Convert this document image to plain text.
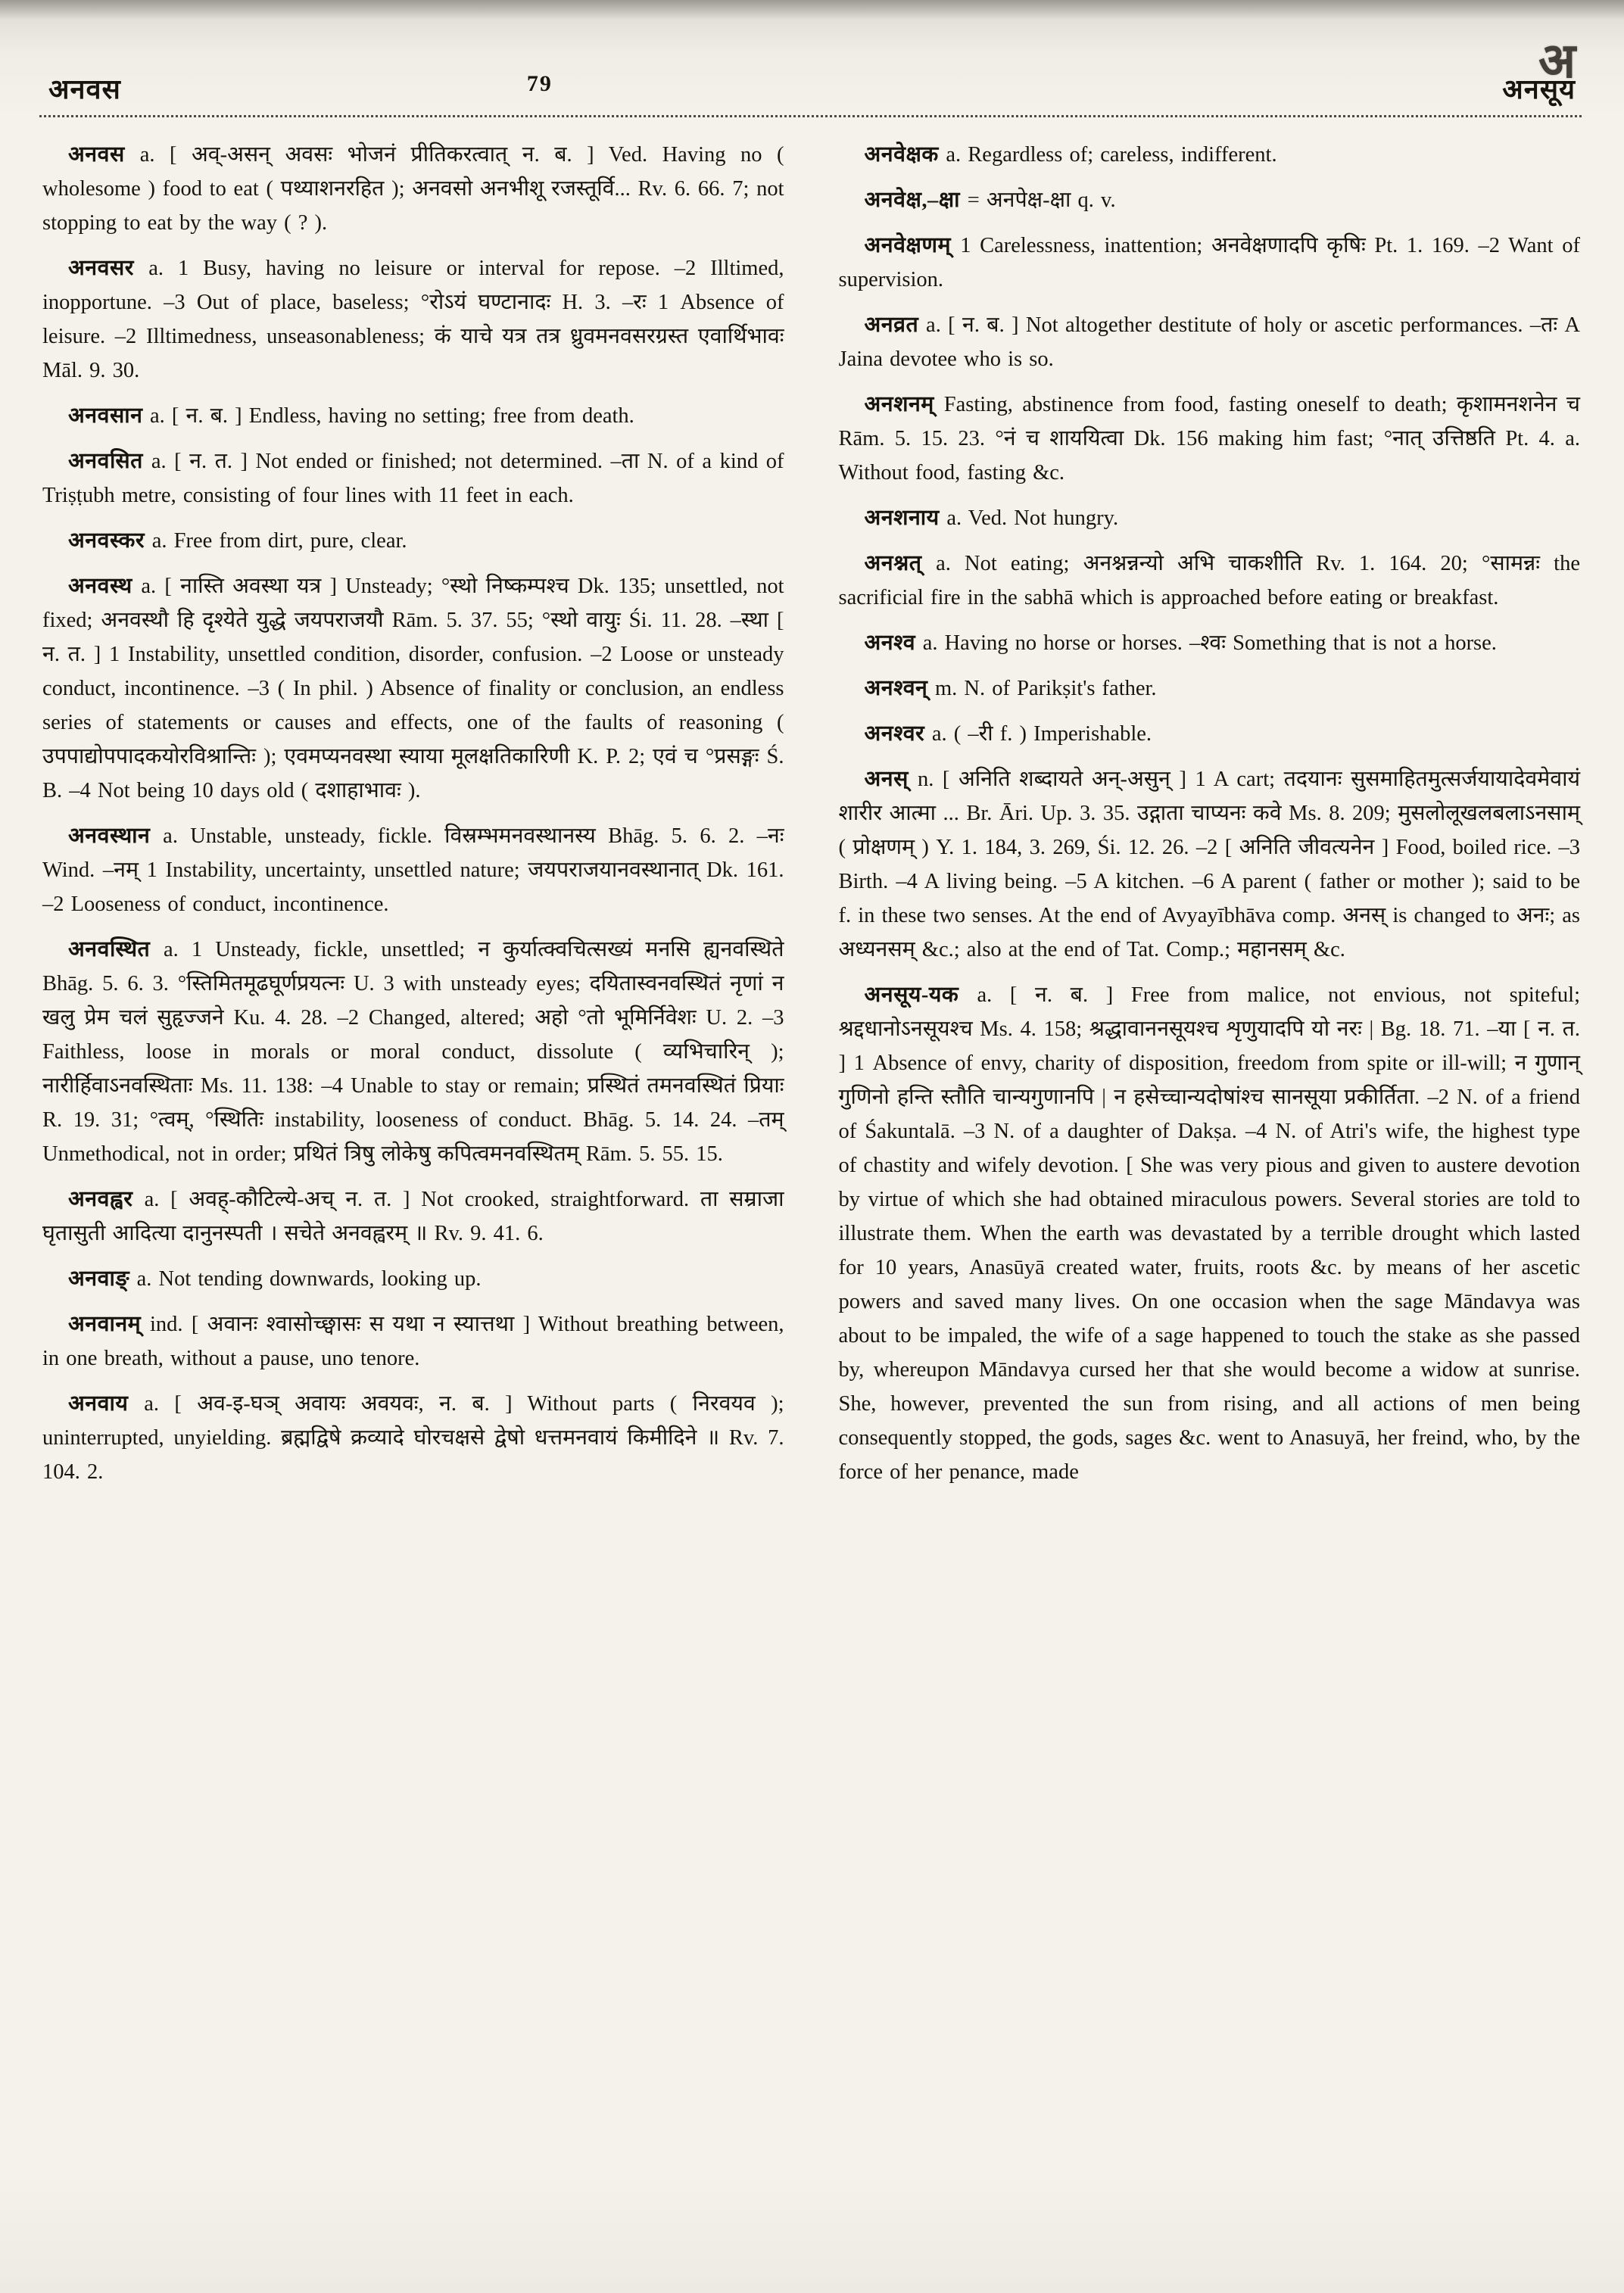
अ
अनवस	79	अनसूय

अनवस a. [ अव्-असन् अवसः भोजनं प्रीतिकरत्वात् न. ब. ] Ved. Having no ( wholesome ) food to eat ( पथ्याशनरहित ); अनवसो अनभीशू रजस्तूर्वि... Rv. 6. 66. 7; not stopping to eat by the way ( ? ).

अनवसर a. 1 Busy, having no leisure or interval for repose. –2 Illtimed, inopportune. –3 Out of place, baseless; °रोऽयं घण्टानादः H. 3. –रः 1 Absence of leisure. –2 Illtimedness, unseasonableness; कं याचे यत्र तत्र ध्रुवमनवसरग्रस्त एवार्थिभावः Māl. 9. 30.

अनवसान a. [ न. ब. ] Endless, having no setting; free from death.

अनवसित a. [ न. त. ] Not ended or finished; not determined. –ता N. of a kind of Triṣṭubh metre, consisting of four lines with 11 feet in each.

अनवस्कर a. Free from dirt, pure, clear.

अनवस्थ a. [ नास्ति अवस्था यत्र ] Unsteady; °स्थो निष्कम्पश्च Dk. 135; unsettled, not fixed; अनवस्थौ हि दृश्येते युद्धे जयपराजयौ Rām. 5. 37. 55; °स्थो वायुः Śi. 11. 28. –स्था [ न. त. ] 1 Instability, unsettled condition, disorder, confusion. –2 Loose or unsteady conduct, incontinence. –3 ( In phil. ) Absence of finality or conclusion, an endless series of statements or causes and effects, one of the faults of reasoning ( उपपाद्योपपादकयोरविश्रान्तिः ); एवमप्यनवस्था स्याया मूलक्षतिकारिणी K. P. 2; एवं च °प्रसङ्गः Ś. B. –4 Not being 10 days old ( दशाहाभावः ).

अनवस्थान a. Unstable, unsteady, fickle. विस्रम्भमनवस्थानस्य Bhāg. 5. 6. 2. –नः Wind. –नम् 1 Instability, uncertainty, unsettled nature; जयपराजयानवस्थानात् Dk. 161. –2 Looseness of conduct, incontinence.

अनवस्थित a. 1 Unsteady, fickle, unsettled; न कुर्यात्क्वचित्सख्यं मनसि ह्यनवस्थिते Bhāg. 5. 6. 3. °स्तिमितमूढघूर्णप्रयत्नः U. 3 with unsteady eyes; दयितास्वनवस्थितं नृणां न खलु प्रेम चलं सुहृज्जने Ku. 4. 28. –2 Changed, altered; अहो °तो भूमिर्निवेशः U. 2. –3 Faithless, loose in morals or moral conduct, dissolute ( व्यभिचारिन् ); नारीर्हिवाऽनवस्थिताः Ms. 11. 138: –4 Unable to stay or remain; प्रस्थितं तमनवस्थितं प्रियाः R. 19. 31; °त्वम्, °स्थितिः instability, looseness of conduct. Bhāg. 5. 14. 24. –तम् Unmethodical, not in order; प्रथितं त्रिषु लोकेषु कपित्वमनवस्थितम् Rām. 5. 55. 15.

अनवह्वर a. [ अवह्-कौटिल्ये-अच् न. त. ] Not crooked, straightforward. ता सम्राजा घृतासुती आदित्या दानुनस्पती । सचेते अनवह्वरम् ॥ Rv. 9. 41. 6.

अनवाङ् a. Not tending downwards, looking up.

अनवानम् ind. [ अवानः श्वासोच्छ्वासः स यथा न स्यात्तथा ] Without breathing between, in one breath, without a pause, uno tenore.

अनवाय a. [ अव-इ-घञ् अवायः अवयवः, न. ब. ] Without parts ( निरवयव ); uninterrupted, unyielding. ब्रह्मद्विषे क्रव्यादे घोरचक्षसे द्वेषो धत्तमनवायं किमीदिने ॥ Rv. 7. 104. 2.

अनवेक्षक a. Regardless of; careless, indifferent.

अनवेक्ष,–क्षा = अनपेक्ष-क्षा q. v.

अनवेक्षणम् 1 Carelessness, inattention; अनवेक्षणादपि कृषिः Pt. 1. 169. –2 Want of supervision.

अनव्रत a. [ न. ब. ] Not altogether destitute of holy or ascetic performances. –तः A Jaina devotee who is so.

अनशनम् Fasting, abstinence from food, fasting oneself to death; कृशामनशनेन च Rām. 5. 15. 23. °नं च शाययित्वा Dk. 156 making him fast; °नात् उत्तिष्ठति Pt. 4. a. Without food, fasting &c.

अनशनाय a. Ved. Not hungry.

अनश्नत् a. Not eating; अनश्नन्नन्यो अभि चाकशीति Rv. 1. 164. 20; °सामन्नः the sacrificial fire in the sabhā which is approached before eating or breakfast.

अनश्व a. Having no horse or horses. –श्वः Something that is not a horse.

अनश्वन् m. N. of Parikṣit's father.

अनश्वर a. ( –री f. ) Imperishable.

अनस् n. [ अनिति शब्दायते अन्-असुन् ] 1 A cart; तदयानः सुसमाहितमुत्सर्जयायादेवमेवायं शारीर आत्मा ... Br. Āri. Up. 3. 35. उद्गाता चाप्यनः कवे Ms. 8. 209; मुसलोलूखलबलाऽनसाम् ( प्रोक्षणम् ) Y. 1. 184, 3. 269, Śi. 12. 26. –2 [ अनिति जीवत्यनेन ] Food, boiled rice. –3 Birth. –4 A living being. –5 A kitchen. –6 A parent ( father or mother ); said to be f. in these two senses. At the end of Avyayībhāva comp. अनस् is changed to अनः; as अध्यनसम् &c.; also at the end of Tat. Comp.; महानसम् &c.

अनसूय-यक a. [ न. ब. ] Free from malice, not envious, not spiteful; श्रद्दधानोऽनसूयश्च Ms. 4. 158; श्रद्धावाननसूयश्च शृणुयादपि यो नरः | Bg. 18. 71. –या [ न. त. ] 1 Absence of envy, charity of disposition, freedom from spite or ill-will; न गुणान् गुणिनो हन्ति स्तौति चान्यगुणानपि | न हसेच्चान्यदोषांश्च सानसूया प्रकीर्तिता. –2 N. of a friend of Śakuntalā. –3 N. of a daughter of Dakṣa. –4 N. of Atri's wife, the highest type of chastity and wifely devotion. [ She was very pious and given to austere devotion by virtue of which she had obtained miraculous powers. Several stories are told to illustrate them. When the earth was devastated by a terrible drought which lasted for 10 years, Anasūyā created water, fruits, roots &c. by means of her ascetic powers and saved many lives. On one occasion when the sage Māndavya was about to be impaled, the wife of a sage happened to touch the stake as she passed by, whereupon Māndavya cursed her that she would become a widow at sunrise. She, however, prevented the sun from rising, and all actions of men being consequently stopped, the gods, sages &c. went to Anasuyā, her freind, who, by the force of her penance, made
